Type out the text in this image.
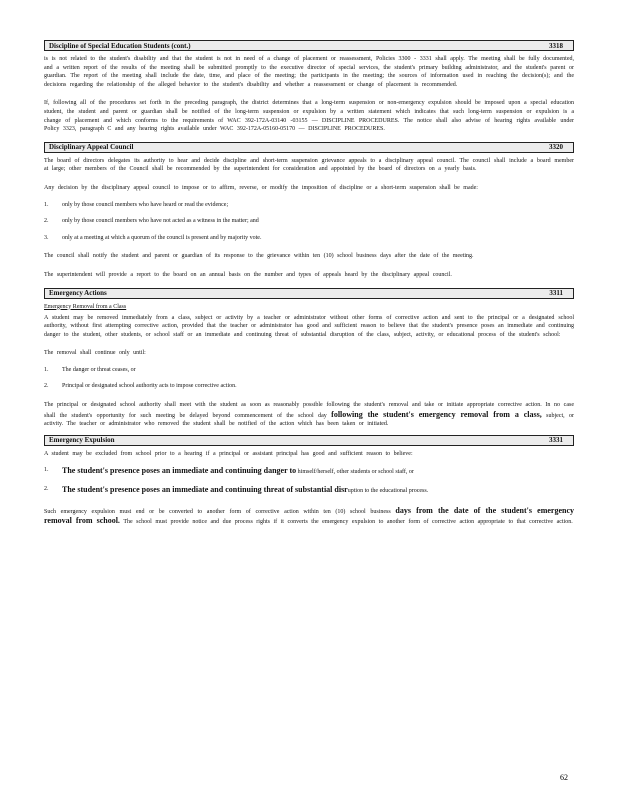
Discipline of Special Education Students (cont.)	3318

is is not related to the student's disability and that the student is not in need of a change of placement or reassessment, Policies 3300 - 3331 shall apply. The meeting shall be fully documented, and a written report of the results of the meeting shall be submitted promptly to the executive director of special services, the student's primary building administrator, and the student's parent or guardian. The report of the meeting shall include the date, time, and place of the meeting; the participants in the meeting; the sources of information used in reaching the decision(s); and the decisions regarding the relationship of the alleged behavior to the student's disability and whether a reassessment or change of placement is recommended.

If, following all of the procedures set forth in the preceding paragraph, the district determines that a long-term suspension or non-emergency expulsion should be imposed upon a special education student, the student and parent or guardian shall be notified of the long-term suspension or expulsion by a written statement which indicates that such long-term suspension or expulsion is a change of placement and which conforms to the requirements of WAC 392-172A-03140 -03155 — DISCIPLINE PROCEDURES. The notice shall also advise of hearing rights available under Policy 3323, paragraph C and any hearing rights available under WAC 392-172A-05160-05170 — DISCIPLINE PROCEDURES.

Disciplinary Appeal Council	3320

The board of directors delegates its authority to hear and decide discipline and short-term suspension grievance appeals to a disciplinary appeal council. The council shall include a board member at large; other members of the Council shall be recommended by the superintendent for consideration and appointed by the board of directors on a yearly basis.

Any decision by the disciplinary appeal council to impose or to affirm, reverse, or modify the imposition of discipline or a short-term suspension shall be made:

1.	only by those council members who have heard or read the evidence;
2.	only by those council members who have not acted as a witness in the matter; and
3.	only at a meeting at which a quorum of the council is present and by majority vote.

The council shall notify the student and parent or guardian of its response to the grievance within ten (10) school business days after the date of the meeting.

The superintendent will provide a report to the board on an annual basis on the number and types of appeals heard by the disciplinary appeal council.

Emergency Actions	3311
Emergency Removal from a Class

A student may be removed immediately from a class, subject or activity by a teacher or administrator without other forms of corrective action and sent to the principal or a designated school authority, without first attempting corrective action, provided that the teacher or administrator has good and sufficient reason to believe that the student's presence poses an immediate and continuing danger to the student, other students, or school staff or an immediate and continuing threat of substantial disruption of the class, subject, activity, or educational process of the student's school:

The removal shall continue only until:

1.	The danger or threat ceases, or
2.	Principal or designated school authority acts to impose corrective action.

The principal or designated school authority shall meet with the student as soon as reasonably possible following the student's removal and take or initiate appropriate corrective action. In no case shall the student's opportunity for such meeting be delayed beyond commencement of the school day following the student's emergency removal from a class, subject, or activity. The teacher or administrator who removed the student shall be notified of the action which has been taken or initiated.

Emergency Expulsion	3331

A student may be excluded from school prior to a hearing if a principal or assistant principal has good and sufficient reason to believe:

1.	The student's presence poses an immediate and continuing danger to himself/herself, other students or school staff, or
2.	The student's presence poses an immediate and continuing threat of substantial disruption to the educational process.

Such emergency expulsion must end or be converted to another form of corrective action within ten (10) school business days from the date of the student's emergency removal from school. The school must provide notice and due process rights if it converts the emergency expulsion to another form of corrective action appropriate to that corrective action.

62
